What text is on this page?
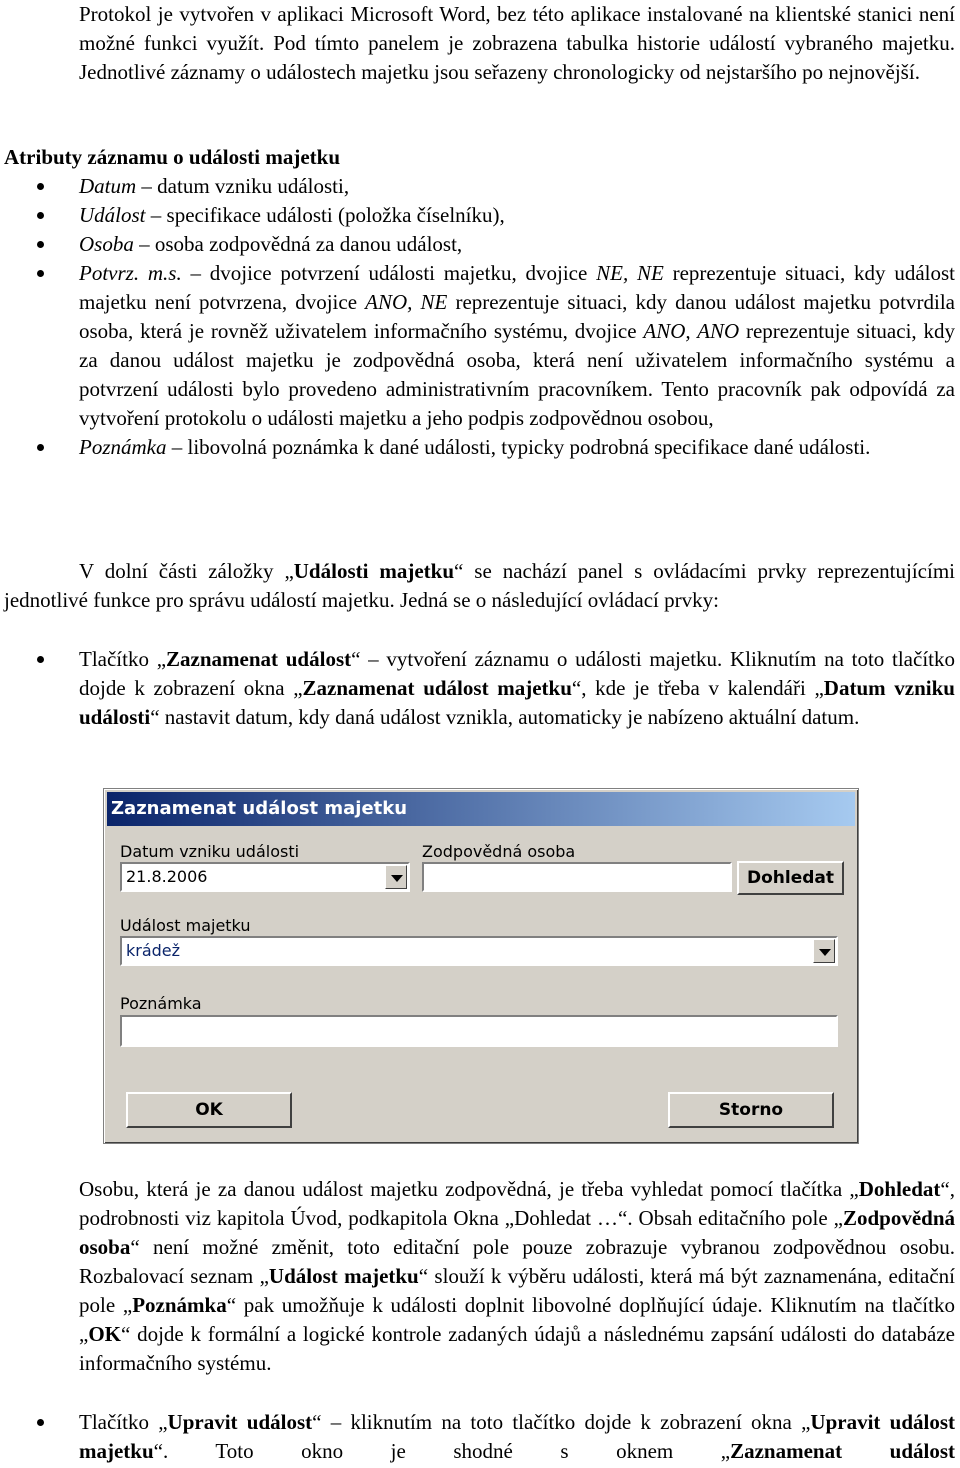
Protokol je vytvořen v aplikaci Microsoft Word, bez této aplikace instalované na klientské stanici není možné funkci využít. Pod tímto panelem je zobrazena tabulka historie událostí vybraného majetku. Jednotlivé záznamy o událostech majetku jsou seřazeny chronologicky od nejstaršího po nejnovější.

Atributy záznamu o události majetku
Datum – datum vzniku události,
Událost – specifikace události (položka číselníku),
Osoba – osoba zodpovědná za danou událost,
Potvrz. m.s. – dvojice potvrzení události majetku, dvojice NE, NE reprezentuje situaci, kdy událost majetku není potvrzena, dvojice ANO, NE reprezentuje situaci, kdy danou událost majetku potvrdila osoba, která je rovněž uživatelem informačního systému, dvojice ANO, ANO reprezentuje situaci, kdy za danou událost majetku je zodpovědná osoba, která není uživatelem informačního systému a potvrzení události bylo provedeno administrativním pracovníkem. Tento pracovník pak odpovídá za vytvoření protokolu o události majetku a jeho podpis zodpovědnou osobou,
Poznámka – libovolná poznámka k dané události, typicky podrobná specifikace dané události.

V dolní části záložky „Události majetku“ se nachází panel s ovládacími prvky reprezentujícími jednotlivé funkce pro správu událostí majetku. Jedná se o následující ovládací prvky:

Tlačítko „Zaznamenat událost“ – vytvoření záznamu o události majetku. Kliknutím na toto tlačítko dojde k zobrazení okna „Zaznamenat událost majetku“, kde je třeba v kalendáři „Datum vzniku události“ nastavit datum, kdy daná událost vznikla, automaticky je nabízeno aktuální datum.
Zaznamenat událost majetku
Datum vzniku události
21.8.2006
Zodpovědná osoba
Dohledat
Událost majetku
krádež
Poznámka
OK	Storno

Osobu, která je za danou událost majetku zodpovědná, je třeba vyhledat pomocí tlačítka „Dohledat“, podrobnosti viz kapitola Úvod, podkapitola Okna „Dohledat …“. Obsah editačního pole „Zodpovědná osoba“ není možné změnit, toto editační pole pouze zobrazuje vybranou zodpovědnou osobu. Rozbalovací seznam „Událost majetku“ slouží k výběru události, která má být zaznamenána, editační pole „Poznámka“ pak umožňuje k události doplnit libovolné doplňující údaje. Kliknutím na tlačítko „OK“ dojde k formální a logické kontrole zadaných údajů a následnému zapsání události do databáze informačního systému.

Tlačítko „Upravit událost“ – kliknutím na toto tlačítko dojde k zobrazení okna „Upravit událost majetku“. Toto okno je shodné s oknem „Zaznamenat událost
